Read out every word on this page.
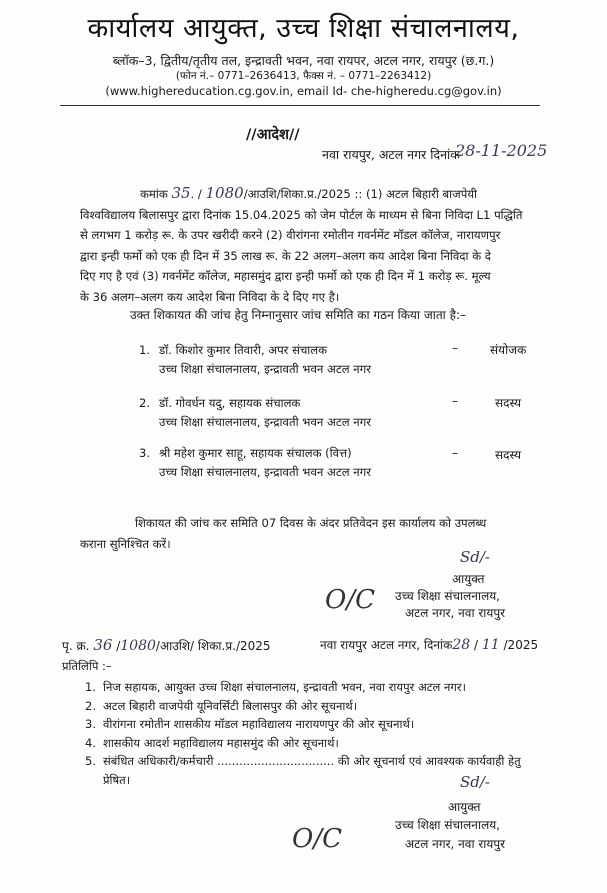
कार्यालय आयुक्त, उच्च शिक्षा संचालनालय,
ब्लॉक–3, द्वितीय/तृतीय तल, इन्द्रावती भवन, नवा रायपर, अटल नगर, रायपुर (छ.ग.)
(फोन नं.– 0771–2636413, फैक्स नं. – 0771–2263412)
(www.highereducation.cg.gov.in, email Id- che-higheredu.cg@gov.in)
//आदेश//
नवा रायपुर, अटल नगर दिनांक
28-11-2025
कमांक 35. / 1080/आउशि/शिका.प्र./2025 :: (1) अटल बिहारी बाजपेयी
विश्वविद्यालय बिलासपुर द्वारा दिनांक 15.04.2025 को जेम पोर्टल के माध्यम से बिना निविदा L1 पद्धिति
से लगभग 1 करोड़ रू. के उपर खरीदी करने (2) वीरांगना रमोतीन गवर्नमेंट मॉडल कॉलेज, नारायणपुर
द्वारा इन्ही फर्मो को एक ही दिन में 35 लाख रू. के 22 अलग–अलग कय आदेश बिना निविदा के दे
दिए गए है एवं (3) गवर्नमेंट कॉलेज, महासमुंद द्वारा इन्ही फर्मो को एक ही दिन में 1 करोड़ रू. मूल्य
के 36 अलग–अलग कय आदेश बिना निविदा के दे दिए गए है।
उक्त शिकायत की जांच हेतु निम्नानुसार जांच समिति का गठन किया जाता है:–
1. डॉ. किशोर कुमार तिवारी, अपर संचालक
उच्च शिक्षा संचालनालय, इन्द्रावती भवन अटल नगर
–	संयोजक
2. डॉ. गोवर्धन यदु, सहायक संचालक
उच्च शिक्षा संचालनालय, इन्द्रावती भवन अटल नगर
–	सदस्य
3. श्री महेश कुमार साहू, सहायक संचालक (वित्त)
उच्च शिक्षा संचालनालय, इन्द्रावती भवन अटल नगर
–	सदस्य
शिकायत की जांच कर समिति 07 दिवस के अंदर प्रतिवेदन इस कार्यालय को उपलब्ध
कराना सुनिश्चित करें।
Sd/-
आयुक्त
उच्च शिक्षा संचालनालय,
अटल नगर, नवा रायपुर
O/C
पृ. क्र. 36 /1080/आउशि/ शिका.प्र./2025	नवा रायपुर अटल नगर, दिनांक28 / 11 /2025
प्रतिलिपि :–
1. निज सहायक, आयुक्त उच्च शिक्षा संचालनालय, इन्द्रावती भवन, नवा रायपुर अटल नगर।
2. अटल बिहारी वाजपेयी यूनिवर्सिटी बिलासपुर की ओर सूचनार्थ।
3. वीरांगना रमोतीन शासकीय मॉडल महाविद्यालय नारायणपुर की ओर सूचनार्थ।
4. शासकीय आदर्श महाविद्यालय महासमुंद की ओर सूचनार्थ।
5. संबंधित अधिकारी/कर्मचारी ................................ की ओर सूचनार्थ एवं आवश्यक कार्यवाही हेतु
प्रेषित।	Sd/-
आयुक्त
उच्च शिक्षा संचालनालय,
अटल नगर, नवा रायपुर
O/C
